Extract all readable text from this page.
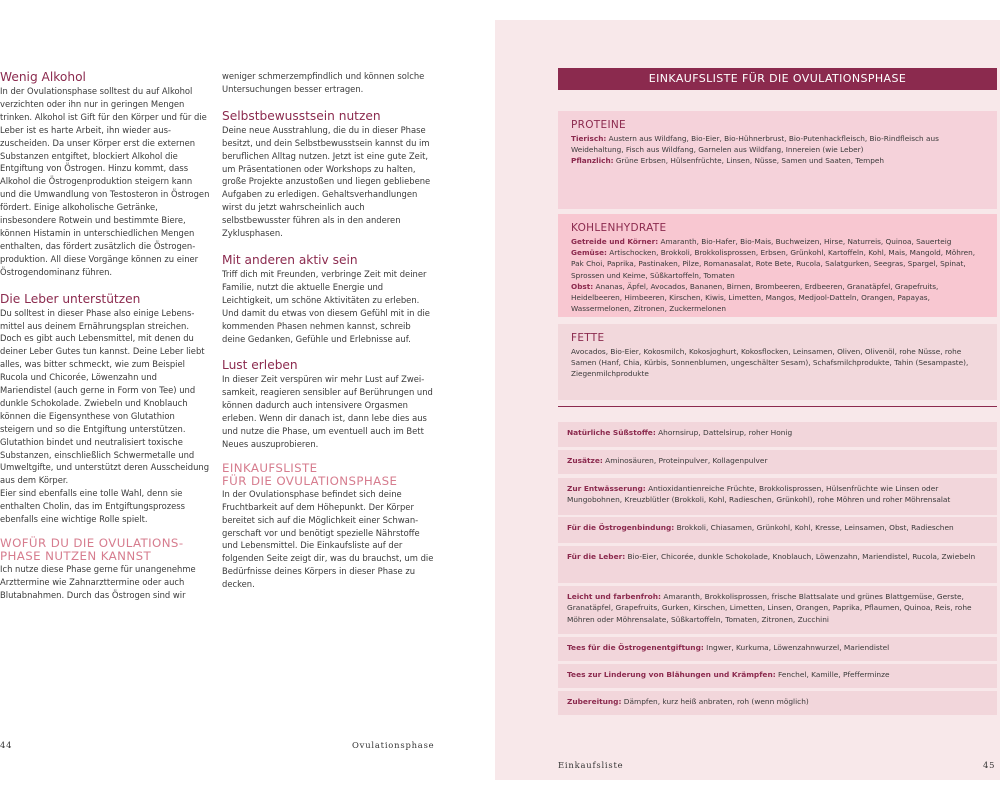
Wenig Alkohol

In der Ovulationsphase solltest du auf Alkohol verzichten oder ihn nur in geringen Mengen trinken. Alkohol ist Gift für den Körper und für die Leber ist es harte Arbeit, ihn wieder auszuscheiden. Da unser Körper erst die externen Substanzen entgiftet, blockiert Alkohol die Entgiftung von Östrogen. Hinzu kommt, dass Alkohol die Östrogenproduktion steigern kann und die Umwandlung von Testosteron in Östrogen fördert. Einige alkoholische Getränke, insbesondere Rotwein und bestimmte Biere, können Histamin in unterschiedlichen Mengen enthalten, das fördert zusätzlich die Östrogenproduktion. All diese Vorgänge können zu einer Östrogendominanz führen.

Die Leber unterstützen

Du solltest in dieser Phase also einige Lebensmittel aus deinem Ernährungsplan streichen. Doch es gibt auch Lebensmittel, mit denen du deiner Leber Gutes tun kannst. Deine Leber liebt alles, was bitter schmeckt, wie zum Beispiel Rucola und Chicorée, Löwenzahn und Mariendistel (auch gerne in Form von Tee) und dunkle Schokolade. Zwiebeln und Knoblauch können die Eigensynthese von Glutathion steigern und so die Entgiftung unterstützen. Glutathion bindet und neutralisiert toxische Substanzen, einschließlich Schwermetalle und Umweltgifte, und unterstützt deren Ausscheidung aus dem Körper.

Eier sind ebenfalls eine tolle Wahl, denn sie enthalten Cholin, das im Entgiftungsprozess ebenfalls eine wichtige Rolle spielt.

WOFÜR DU DIE OVULATIONS-
PHASE NUTZEN KANNST

Ich nutze diese Phase gerne für unangenehme Arzttermine wie Zahnarzttermine oder auch Blutabnahmen. Durch das Östrogen sind wir

weniger schmerzempfindlich und können solche Untersuchungen besser ertragen.

Selbstbewusstsein nutzen

Deine neue Ausstrahlung, die du in dieser Phase besitzt, und dein Selbstbewusstsein kannst du im beruflichen Alltag nutzen. Jetzt ist eine gute Zeit, um Präsentationen oder Workshops zu halten, große Projekte anzustoßen und liegen gebliebene Aufgaben zu erledigen. Gehaltsverhandlungen wirst du jetzt wahrscheinlich auch selbstbewusster führen als in den anderen Zyklusphasen.

Mit anderen aktiv sein

Triff dich mit Freunden, verbringe Zeit mit deiner Familie, nutzt die aktuelle Energie und Leichtigkeit, um schöne Aktivitäten zu erleben. Und damit du etwas von diesem Gefühl mit in die kommenden Phasen nehmen kannst, schreib deine Gedanken, Gefühle und Erlebnisse auf.

Lust erleben

In dieser Zeit verspüren wir mehr Lust auf Zweisamkeit, reagieren sensibler auf Berührungen und können dadurch auch intensivere Orgasmen erleben. Wenn dir danach ist, dann lebe dies aus und nutze die Phase, um eventuell auch im Bett Neues auszuprobieren.

EINKAUFSLISTE
FÜR DIE OVULATIONSPHASE

In der Ovulationsphase befindet sich deine Fruchtbarkeit auf dem Höhepunkt. Der Körper bereitet sich auf die Möglichkeit einer Schwangerschaft vor und benötigt spezielle Nährstoffe und Lebensmittel. Die Einkaufsliste auf der folgenden Seite zeigt dir, was du brauchst, um die Bedürfnisse deines Körpers in dieser Phase zu decken.

44	Ovulationsphase
EINKAUFSLISTE FÜR DIE OVULATIONSPHASE
PROTEINE

Tierisch: Austern aus Wildfang, Bio-Eier, Bio-Hühnerbrust, Bio-Putenhackfleisch, Bio-Rindfleisch aus Weidehaltung, Fisch aus Wildfang, Garnelen aus Wildfang, Innereien (wie Leber)

Pflanzlich: Grüne Erbsen, Hülsenfrüchte, Linsen, Nüsse, Samen und Saaten, Tempeh

KOHLENHYDRATE

Getreide und Körner: Amaranth, Bio-Hafer, Bio-Mais, Buchweizen, Hirse, Naturreis, Quinoa, Sauerteig

Gemüse: Artischocken, Brokkoli, Brokkolisprossen, Erbsen, Grünkohl, Kartoffeln, Kohl, Mais, Mangold, Möhren, Pak Choi, Paprika, Pastinaken, Pilze, Romanasalat, Rote Bete, Rucola, Salatgurken, Seegras, Spargel, Spinat, Sprossen und Keime, Süßkartoffeln, Tomaten

Obst: Ananas, Äpfel, Avocados, Bananen, Birnen, Brombeeren, Erdbeeren, Granatäpfel, Grapefruits, Heidelbeeren, Himbeeren, Kirschen, Kiwis, Limetten, Mangos, Medjool-Datteln, Orangen, Papayas, Wassermelonen, Zitronen, Zuckermelonen

FETTE

Avocados, Bio-Eier, Kokosmilch, Kokosjoghurt, Kokosflocken, Leinsamen, Oliven, Olivenöl, rohe Nüsse, rohe Samen (Hanf, Chia, Kürbis, Sonnenblumen, ungeschälter Sesam), Schafsmilchprodukte, Tahin (Sesampaste), Ziegenmilchprodukte

Natürliche Süßstoffe: Ahornsirup, Dattelsirup, roher Honig

Zusätze: Aminosäuren, Proteinpulver, Kollagenpulver

Zur Entwässerung: Antioxidantienreiche Früchte, Brokkolisprossen, Hülsenfrüchte wie Linsen oder Mungobohnen, Kreuzblütler (Brokkoli, Kohl, Radieschen, Grünkohl), rohe Möhren und roher Möhrensalat

Für die Östrogenbindung: Brokkoli, Chiasamen, Grünkohl, Kohl, Kresse, Leinsamen, Obst, Radieschen

Für die Leber: Bio-Eier, Chicorée, dunkle Schokolade, Knoblauch, Löwenzahn, Mariendistel, Rucola, Zwiebeln

Leicht und farbenfroh: Amaranth, Brokkolisprossen, frische Blattsalate und grünes Blattgemüse, Gerste, Granatäpfel, Grapefruits, Gurken, Kirschen, Limetten, Linsen, Orangen, Paprika, Pflaumen, Quinoa, Reis, rohe Möhren oder Möhrensalate, Süßkartoffeln, Tomaten, Zitronen, Zucchini

Tees für die Östrogenentgiftung: Ingwer, Kurkuma, Löwenzahnwurzel, Mariendistel

Tees zur Linderung von Blähungen und Krämpfen: Fenchel, Kamille, Pfefferminze

Zubereitung: Dämpfen, kurz heiß anbraten, roh (wenn möglich)

Einkaufsliste	45
